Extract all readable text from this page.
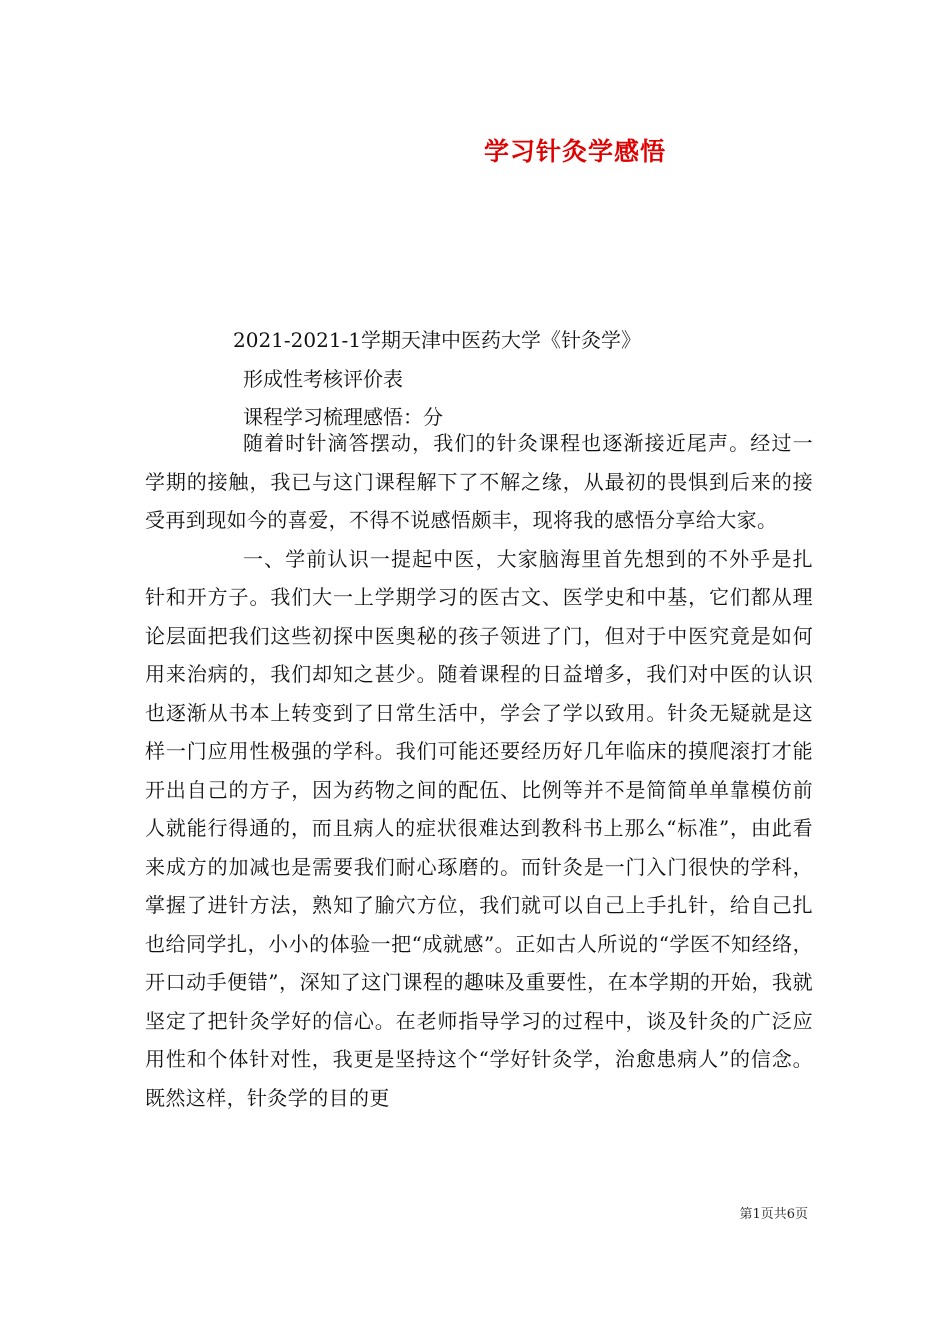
学习针灸学感悟

2021-2021-1学期天津中医药大学《针灸学》

形成性考核评价表

课程学习梳理感悟：分

随着时针滴答摆动，我们的针灸课程也逐渐接近尾声。经过一学期的接触，我已与这门课程解下了不解之缘，从最初的畏惧到后来的接受再到现如今的喜爱，不得不说感悟颇丰，现将我的感悟分享给大家。

一、学前认识一提起中医，大家脑海里首先想到的不外乎是扎针和开方子。我们大一上学期学习的医古文、医学史和中基，它们都从理论层面把我们这些初探中医奥秘的孩子领进了门，但对于中医究竟是如何用来治病的，我们却知之甚少。随着课程的日益增多，我们对中医的认识也逐渐从书本上转变到了日常生活中，学会了学以致用。针灸无疑就是这样一门应用性极强的学科。我们可能还要经历好几年临床的摸爬滚打才能开出自己的方子，因为药物之间的配伍、比例等并不是简简单单靠模仿前人就能行得通的，而且病人的症状很难达到教科书上那么“标准”，由此看来成方的加减也是需要我们耐心琢磨的。而针灸是一门入门很快的学科，掌握了进针方法，熟知了腧穴方位，我们就可以自己上手扎针，给自己扎也给同学扎，小小的体验一把“成就感”。正如古人所说的“学医不知经络，开口动手便错”，深知了这门课程的趣味及重要性，在本学期的开始，我就坚定了把针灸学好的信心。在老师指导学习的过程中，谈及针灸的广泛应用性和个体针对性，我更是坚持这个“学好针灸学，治愈患病人”的信念。既然这样，针灸学的目的更

第1页共6页
